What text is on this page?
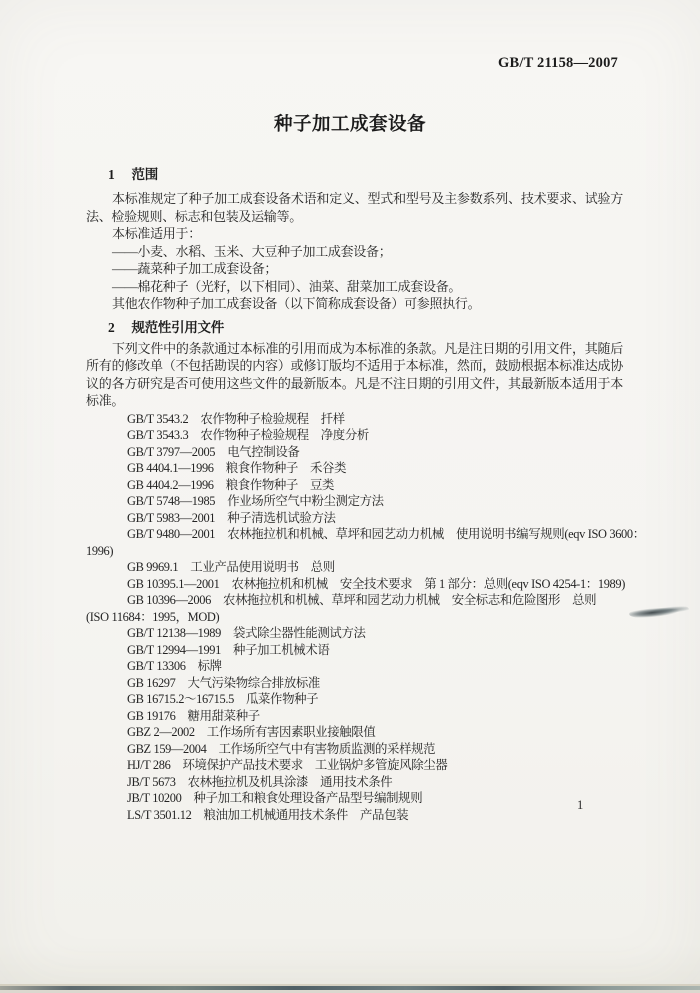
GB/T 21158—2007
种子加工成套设备
1 范围

本标准规定了种子加工成套设备术语和定义、型式和型号及主参数系列、技术要求、试验方法、检验规则、标志和包装及运输等。

本标准适用于：

——小麦、水稻、玉米、大豆种子加工成套设备；

——蔬菜种子加工成套设备；

——棉花种子（光籽，以下相同）、油菜、甜菜加工成套设备。

其他农作物种子加工成套设备（以下简称成套设备）可参照执行。

2 规范性引用文件

下列文件中的条款通过本标准的引用而成为本标准的条款。凡是注日期的引用文件，其随后所有的修改单（不包括勘误的内容）或修订版均不适用于本标准，然而，鼓励根据本标准达成协议的各方研究是否可使用这些文件的最新版本。凡是不注日期的引用文件，其最新版本适用于本标准。

GB/T 3543.2　农作物种子检验规程　扦样
GB/T 3543.3　农作物种子检验规程　净度分析
GB/T 3797—2005　电气控制设备
GB 4404.1—1996　粮食作物种子　禾谷类
GB 4404.2—1996　粮食作物种子　豆类
GB/T 5748—1985　作业场所空气中粉尘测定方法
GB/T 5983—2001　种子清选机试验方法
GB/T 9480—2001　农林拖拉机和机械、草坪和园艺动力机械　使用说明书编写规则(eqv ISO 3600：
1996)
GB 9969.1　工业产品使用说明书　总则
GB 10395.1—2001　农林拖拉机和机械　安全技术要求　第 1 部分：总则(eqv ISO 4254-1：1989)
GB 10396—2006　农林拖拉机和机械、草坪和园艺动力机械　安全标志和危险图形　总则
(ISO 11684：1995，MOD)
GB/T 12138—1989　袋式除尘器性能测试方法
GB/T 12994—1991　种子加工机械术语
GB/T 13306　标牌
GB 16297　大气污染物综合排放标准
GB 16715.2～16715.5　瓜菜作物种子
GB 19176　糖用甜菜种子
GBZ 2—2002　工作场所有害因素职业接触限值
GBZ 159—2004　工作场所空气中有害物质监测的采样规范
HJ/T 286　环境保护产品技术要求　工业锅炉多管旋风除尘器
JB/T 5673　农林拖拉机及机具涂漆　通用技术条件
JB/T 10200　种子加工和粮食处理设备产品型号编制规则
LS/T 3501.12　粮油加工机械通用技术条件　产品包装
1
